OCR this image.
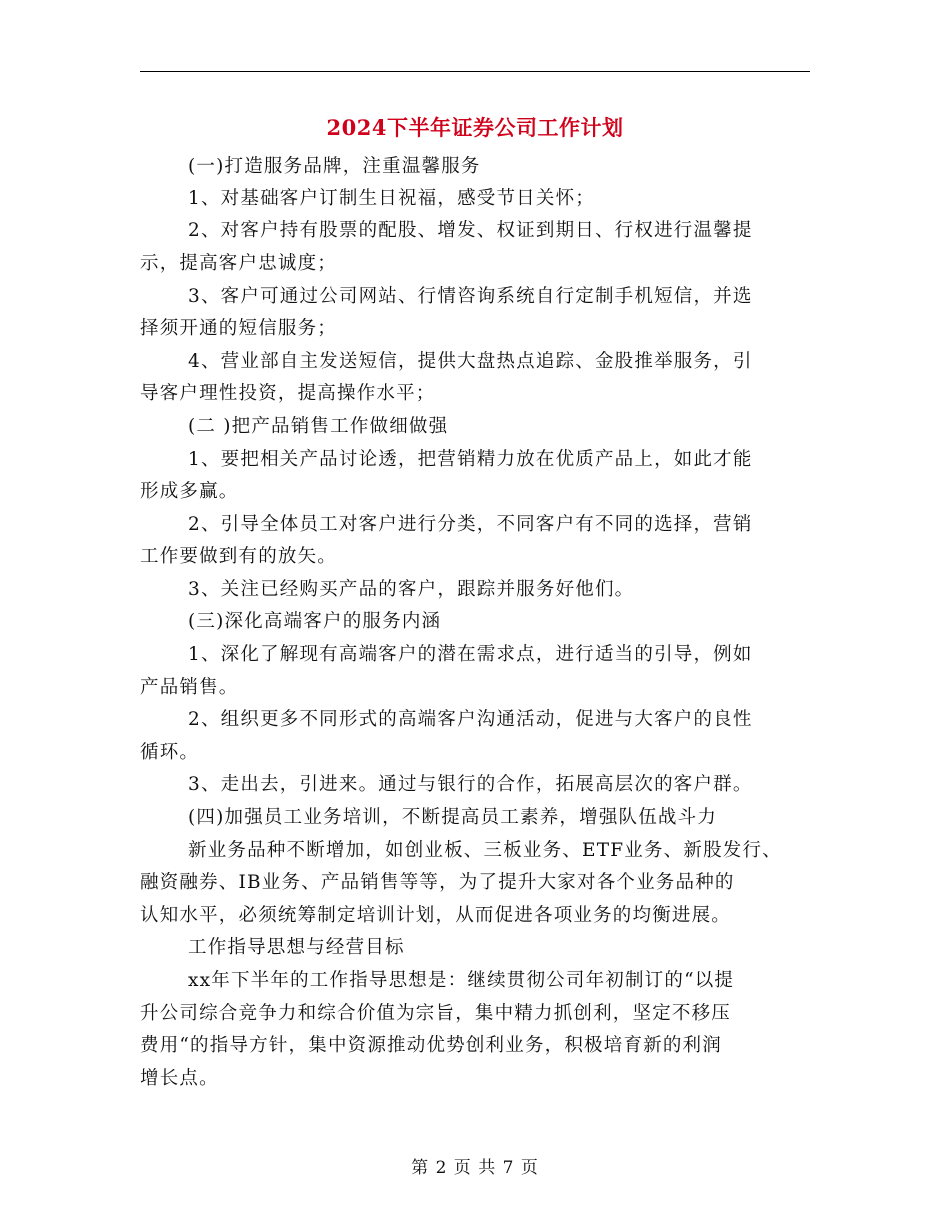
2024下半年证券公司工作计划
(一)打造服务品牌，注重温馨服务
1、对基础客户订制生日祝福，感受节日关怀；
2、对客户持有股票的配股、增发、权证到期日、行权进行温馨提
示，提高客户忠诚度；
3、客户可通过公司网站、行情咨询系统自行定制手机短信，并选
择须开通的短信服务；
4、营业部自主发送短信，提供大盘热点追踪、金股推举服务，引
导客户理性投资，提高操作水平；
(二 )把产品销售工作做细做强
1、要把相关产品讨论透，把营销精力放在优质产品上，如此才能
形成多赢。
2、引导全体员工对客户进行分类，不同客户有不同的选择，营销
工作要做到有的放矢。
3、关注已经购买产品的客户，跟踪并服务好他们。
(三)深化高端客户的服务内涵
1、深化了解现有高端客户的潜在需求点，进行适当的引导，例如
产品销售。
2、组织更多不同形式的高端客户沟通活动，促进与大客户的良性
循环。
3、走出去，引进来。通过与银行的合作，拓展高层次的客户群。
(四)加强员工业务培训，不断提高员工素养，增强队伍战斗力
新业务品种不断增加，如创业板、三板业务、ETF业务、新股发行、
融资融券、IB业务、产品销售等等，为了提升大家对各个业务品种的
认知水平，必须统筹制定培训计划，从而促进各项业务的均衡进展。
工作指导思想与经营目标
xx年下半年的工作指导思想是：继续贯彻公司年初制订的“以提
升公司综合竞争力和综合价值为宗旨，集中精力抓创利，坚定不移压
费用“的指导方针，集中资源推动优势创利业务，积极培育新的利润
增长点。
第 2 页 共 7 页
